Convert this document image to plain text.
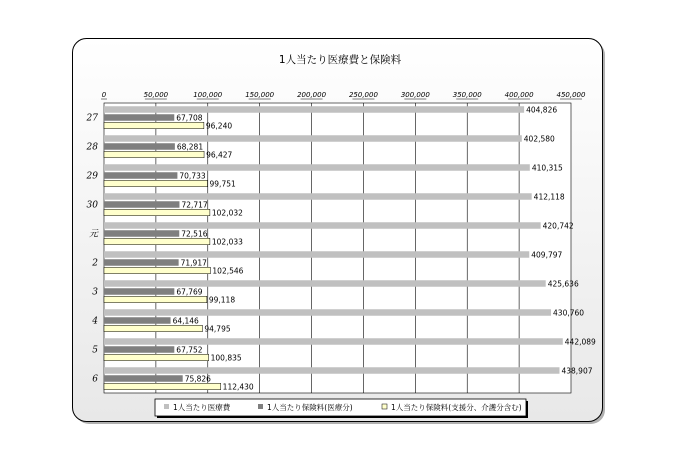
1人当たり医療費と保険料
0	50,000	100,000	150,000	200,000	250,000	300,000	350,000	400,000	450,000
404,826
67,708
96,240
402,580
68,281
96,427
410,315
70,733
99,751
412,118
72,717
102,032
420,742
72,516
102,033
409,797
71,917
102,546
425,636
67,769
99,118
430,760
64,146
94,795
442,089
67,752
100,835
438,907
75,826
112,430
27
28
29
30
元
2
3
4
5
6
1人当たり医療費	1人当たり保険料(医療分)	1人当たり保険料(支援分、介護分含む)
